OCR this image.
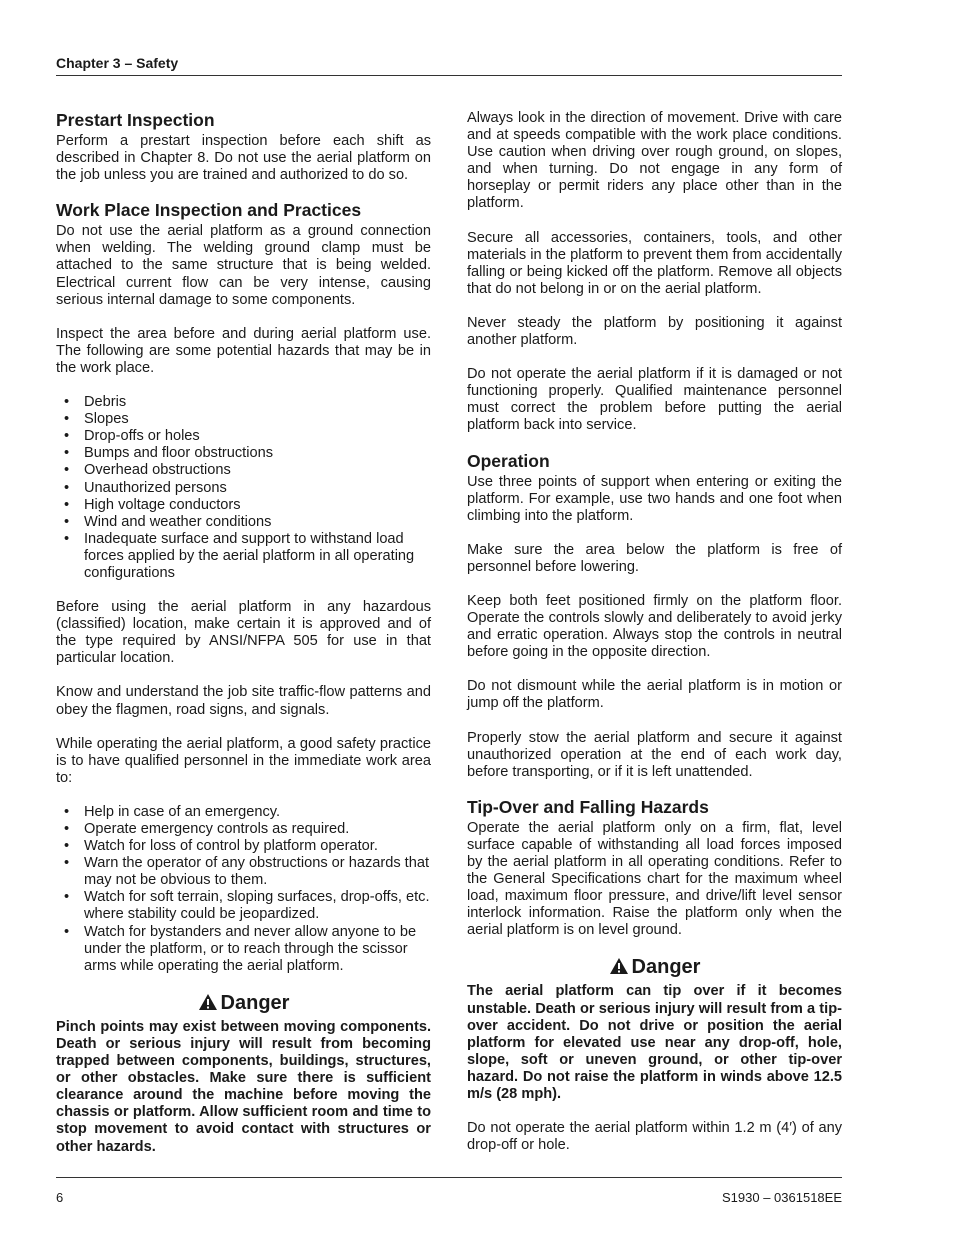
Chapter 3 – Safety
Prestart Inspection

Perform a prestart inspection before each shift as described in Chapter 8. Do not use the aerial platform on the job unless you are trained and authorized to do so.

Work Place Inspection and Practices

Do not use the aerial platform as a ground connection when welding. The welding ground clamp must be attached to the same structure that is being welded. Electrical current flow can be very intense, causing serious internal damage to some components.

Inspect the area before and during aerial platform use. The following are some potential hazards that may be in the work place.

• Debris
• Slopes
• Drop-offs or holes
• Bumps and floor obstructions
• Overhead obstructions
• Unauthorized persons
• High voltage conductors
• Wind and weather conditions
• Inadequate surface and support to withstand load forces applied by the aerial platform in all operating configurations

Before using the aerial platform in any hazardous (classified) location, make certain it is approved and of the type required by ANSI/NFPA 505 for use in that particular location.

Know and understand the job site traffic-flow patterns and obey the flagmen, road signs, and signals.

While operating the aerial platform, a good safety practice is to have qualified personnel in the immediate work area to:

• Help in case of an emergency.
• Operate emergency controls as required.
• Watch for loss of control by platform operator.
• Warn the operator of any obstructions or hazards that may not be obvious to them.
• Watch for soft terrain, sloping surfaces, drop-offs, etc. where stability could be jeopardized.
• Watch for bystanders and never allow anyone to be under the platform, or to reach through the scissor arms while operating the aerial platform.
Danger

Pinch points may exist between moving components. Death or serious injury will result from becoming trapped between components, buildings, structures, or other obstacles. Make sure there is sufficient clearance around the machine before moving the chassis or platform. Allow sufficient room and time to stop movement to avoid contact with structures or other hazards.

Always look in the direction of movement. Drive with care and at speeds compatible with the work place conditions. Use caution when driving over rough ground, on slopes, and when turning. Do not engage in any form of horseplay or permit riders any place other than in the platform.

Secure all accessories, containers, tools, and other materials in the platform to prevent them from accidentally falling or being kicked off the platform. Remove all objects that do not belong in or on the aerial platform.

Never steady the platform by positioning it against another platform.

Do not operate the aerial platform if it is damaged or not functioning properly. Qualified maintenance personnel must correct the problem before putting the aerial platform back into service.

Operation

Use three points of support when entering or exiting the platform. For example, use two hands and one foot when climbing into the platform.

Make sure the area below the platform is free of personnel before lowering.

Keep both feet positioned firmly on the platform floor. Operate the controls slowly and deliberately to avoid jerky and erratic operation. Always stop the controls in neutral before going in the opposite direction.

Do not dismount while the aerial platform is in motion or jump off the platform.

Properly stow the aerial platform and secure it against unauthorized operation at the end of each work day, before transporting, or if it is left unattended.

Tip-Over and Falling Hazards

Operate the aerial platform only on a firm, flat, level surface capable of withstanding all load forces imposed by the aerial platform in all operating conditions. Refer to the General Specifications chart for the maximum wheel load, maximum floor pressure, and drive/lift level sensor interlock information. Raise the platform only when the aerial platform is on level ground.

Danger

The aerial platform can tip over if it becomes unstable. Death or serious injury will result from a tip-over accident. Do not drive or position the aerial platform for elevated use near any drop-off, hole, slope, soft or uneven ground, or other tip-over hazard. Do not raise the platform in winds above 12.5 m/s (28 mph).

Do not operate the aerial platform within 1.2 m (4′) of any drop-off or hole.

6	S1930 – 0361518EE
